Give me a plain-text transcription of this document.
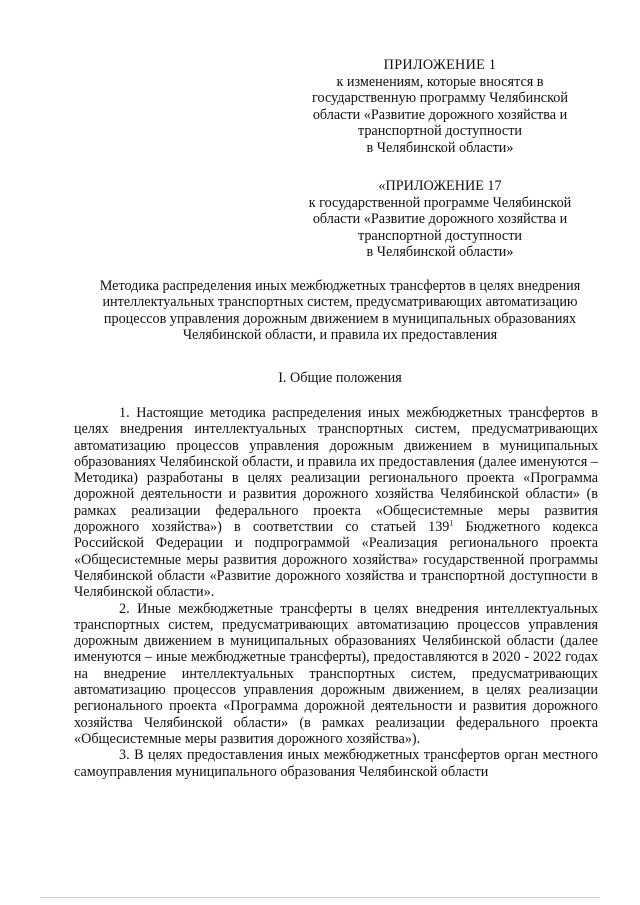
ПРИЛОЖЕНИЕ 1
к изменениям, которые вносятся в
государственную программу Челябинской
области «Развитие дорожного хозяйства и
транспортной доступности
в Челябинской области»
«ПРИЛОЖЕНИЕ 17
к государственной программе Челябинской
области «Развитие дорожного хозяйства и
транспортной доступности
в Челябинской области»
Методика распределения иных межбюджетных трансфертов в целях внедрения
интеллектуальных транспортных систем, предусматривающих автоматизацию
процессов управления дорожным движением в муниципальных образованиях
Челябинской области, и правила их предоставления
I. Общие положения

1. Настоящие методика распределения иных межбюджетных трансфертов в целях внедрения интеллектуальных транспортных систем, предусматривающих автоматизацию процессов управления дорожным движением в муниципальных образованиях Челябинской области, и правила их предоставления (далее именуются – Методика) разработаны в целях реализации регионального проекта «Программа дорожной деятельности и развития дорожного хозяйства Челябинской области» (в рамках реализации федерального проекта «Общесистемные меры развития дорожного хозяйства») в соответствии со статьей $139^1$ Бюджетного кодекса Российской Федерации и подпрограммой «Реализация регионального проекта «Общесистемные меры развития дорожного хозяйства» государственной программы Челябинской области «Развитие дорожного хозяйства и транспортной доступности в Челябинской области».

2. Иные межбюджетные трансферты в целях внедрения интеллектуальных транспортных систем, предусматривающих автоматизацию процессов управления дорожным движением в муниципальных образованиях Челябинской области (далее именуются – иные межбюджетные трансферты), предоставляются в 2020 - 2022 годах на внедрение интеллектуальных транспортных систем, предусматривающих автоматизацию процессов управления дорожным движением, в целях реализации регионального проекта «Программа дорожной деятельности и развития дорожного хозяйства Челябинской области» (в рамках реализации федерального проекта «Общесистемные меры развития дорожного хозяйства»).

3. В целях предоставления иных межбюджетных трансфертов орган местного самоуправления муниципального образования Челябинской области
